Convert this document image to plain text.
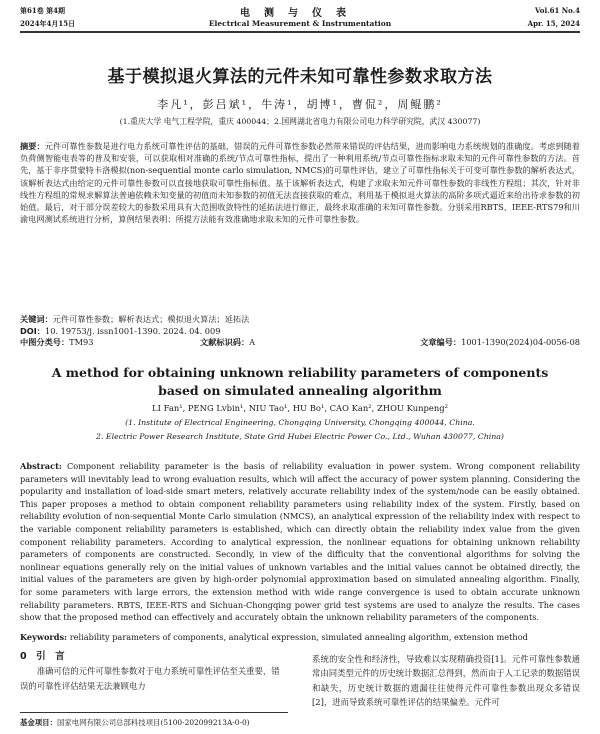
第61卷 第4期	Vol.61 No.4
2024年4月15日	Apr. 15, 2024
电测与仪表
Electrical Measurement & Instrumentation
基于模拟退火算法的元件未知可靠性参数求取方法
李凡¹，彭吕斌¹，牛涛¹，胡博¹，曹侃²，周鲲鹏²
(1.重庆大学 电气工程学院，重庆 400044；2.国网湖北省电力有限公司电力科学研究院，武汉 430077)
摘要：元件可靠性参数是进行电力系统可靠性评估的基础，错误的元件可靠性参数必然带来错误的评估结果，进而影响电力系统规划的准确度。考虑到随着负荷侧智能电表等的普及和安装，可以获取相对准确的系统/节点可靠性指标，提出了一种利用系统/节点可靠性指标求取未知的元件可靠性参数的方法。首先，基于非序贯蒙特卡洛模拟(non-sequential monte carlo simulation, NMCS)的可靠性评估，建立了可靠性指标关于可变可靠性参数的解析表达式，该解析表达式由给定的元件可靠性参数可以直接地获取可靠性指标值。基于该解析表达式，构建了求取未知元件可靠性参数的非线性方程组；其次，针对非线性方程组的常规求解算法普遍依赖未知变量的初值而未知参数的初值无法直接获取的难点，利用基于模拟退火算法的高阶多项式逼近来给出待求参数的初始值。最后，对于部分误差较大的参数采用具有大范围收敛特性的延拓法进行修正，最终求取准确的未知可靠性参数。分别采用RBTS、IEEE-RTS79和川渝电网测试系统进行分析，算例结果表明：所提方法能有效准确地求取未知的元件可靠性参数。
关键词：元件可靠性参数；解析表达式；模拟退火算法；延拓法
DOI：10. 19753/j. issn1001-1390. 2024. 04. 009
中图分类号：TM93	文献标识码：A	文章编号：1001-1390(2024)04-0056-08
A method for obtaining unknown reliability parameters of components based on simulated annealing algorithm
LI Fan¹, PENG Lvbin¹, NIU Tao¹, HU Bo¹, CAO Kan², ZHOU Kunpeng²
(1. Institute of Electrical Engineering, Chongqing University, Chongqing 400044, China.
2. Electric Power Research Institute, State Grid Hubei Electric Power Co., Ltd., Wuhan 430077, China)
Abstract: Component reliability parameter is the basis of reliability evaluation in power system. Wrong component reliability parameters will inevitably lead to wrong evaluation results, which will affect the accuracy of power system planning. Considering the popularity and installation of load-side smart meters, relatively accurate reliability index of the system/node can be easily obtained. This paper proposes a method to obtain component reliability parameters using reliability index of the system. Firstly, based on reliability evolution of non-sequential Monte Carlo simulation (NMCS), an analytical expression of the reliability index with respect to the variable component reliability parameters is established, which can directly obtain the reliability index value from the given component reliability parameters. According to analytical expression, the nonlinear equations for obtaining unknown reliability parameters of components are constructed. Secondly, in view of the difficulty that the conventional algorithms for solving the nonlinear equations generally rely on the initial values of unknown variables and the initial values cannot be obtained directly, the initial values of the parameters are given by high-order polynomial approximation based on simulated annealing algorithm. Finally, for some parameters with large errors, the extension method with wide range convergence is used to obtain accurate unknown reliability parameters. RBTS, IEEE-RTS and Sichuan-Chongqing power grid test systems are used to analyze the results. The cases show that the proposed method can effectively and accurately obtain the unknown reliability parameters of the components.
Keywords: reliability parameters of components, analytical expression, simulated annealing algorithm, extension method
0　引　言
准确可信的元件可靠性参数对于电力系统可靠性评估至关重要，错误的可靠性评估结果无法兼顾电力
系统的安全性和经济性，导致难以实现精确投资[1]。元件可靠性参数通常由同类型元件的历史统计数据汇总得到，然而由于人工记录的数据错误和缺失，历史统计数据的遗漏往往使得元件可靠性参数出现众多错误[2]，进而导致系统可靠性评估的结果偏差。元件可
基金项目：国家电网有限公司总部科技项目(5100-202099213A-0-0)
